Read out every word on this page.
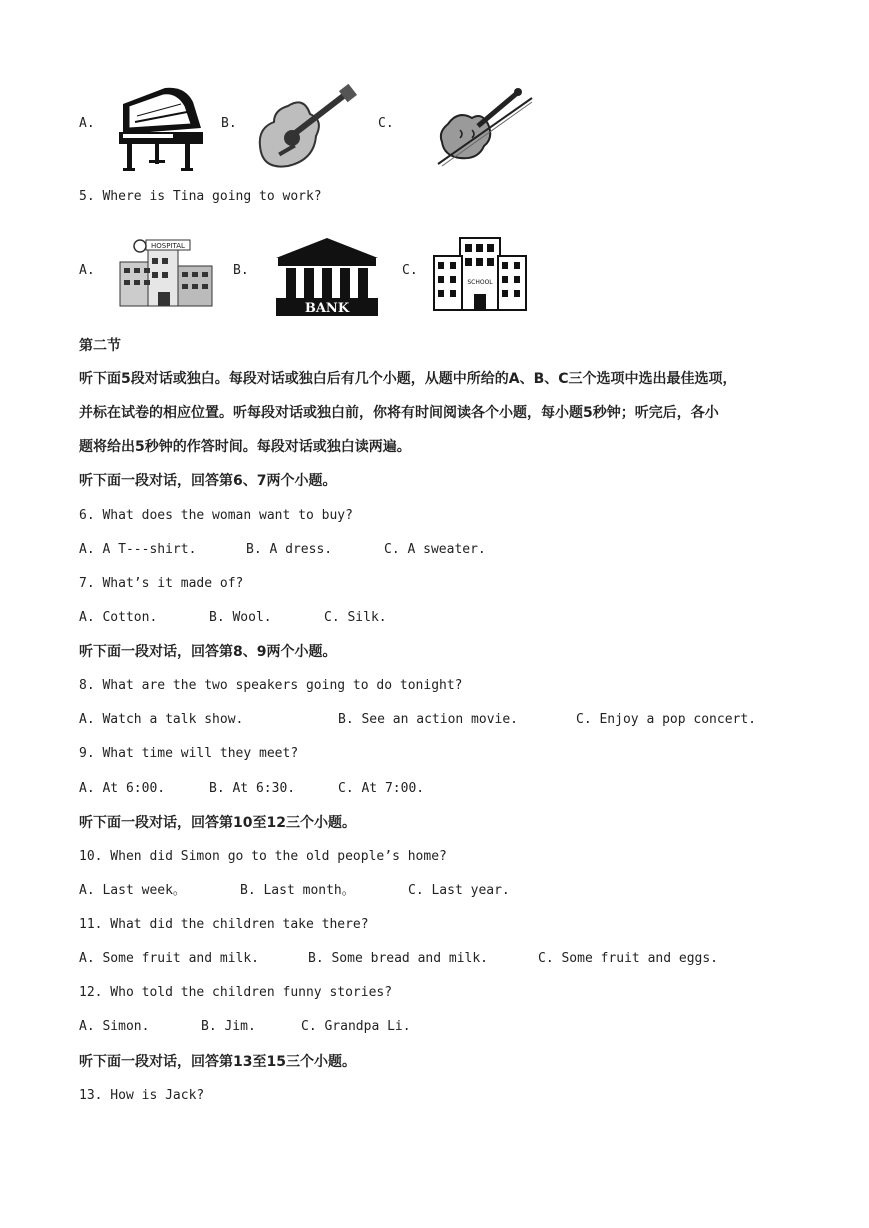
A.	B.	C.
5. Where is Tina going to work?
A.
HOSPITAL
B.
BANK
C.
SCHOOL
第二节
听下面5段对话或独白。每段对话或独白后有几个小题，从题中所给的A、B、C三个选项中选出最佳选项，
并标在试卷的相应位置。听每段对话或独白前，你将有时间阅读各个小题，每小题5秒钟；听完后，各小
题将给出5秒钟的作答时间。每段对话或独白读两遍。
听下面一段对话，回答第6、7两个小题。
6. What does the woman want to buy?
A. A T---shirt.	B. A dress.	C. A sweater.
7. What’s it made of?
A. Cotton.	B. Wool.	C. Silk.
听下面一段对话，回答第8、9两个小题。
8. What are the two speakers going to do tonight?
A. Watch a talk show.	B. See an action movie.	C. Enjoy a pop concert.
9. What time will they meet?
A. At 6:00.	B. At 6:30.	C. At 7:00.
听下面一段对话，回答第10至12三个小题。
10. When did Simon go to the old people’s home?
A. Last week。	B. Last month。	C. Last year.
11. What did the children take there?
A. Some fruit and milk.	B. Some bread and milk.	C. Some fruit and eggs.
12. Who told the children funny stories?
A. Simon.	B. Jim.	C. Grandpa Li.
听下面一段对话，回答第13至15三个小题。
13. How is Jack?
